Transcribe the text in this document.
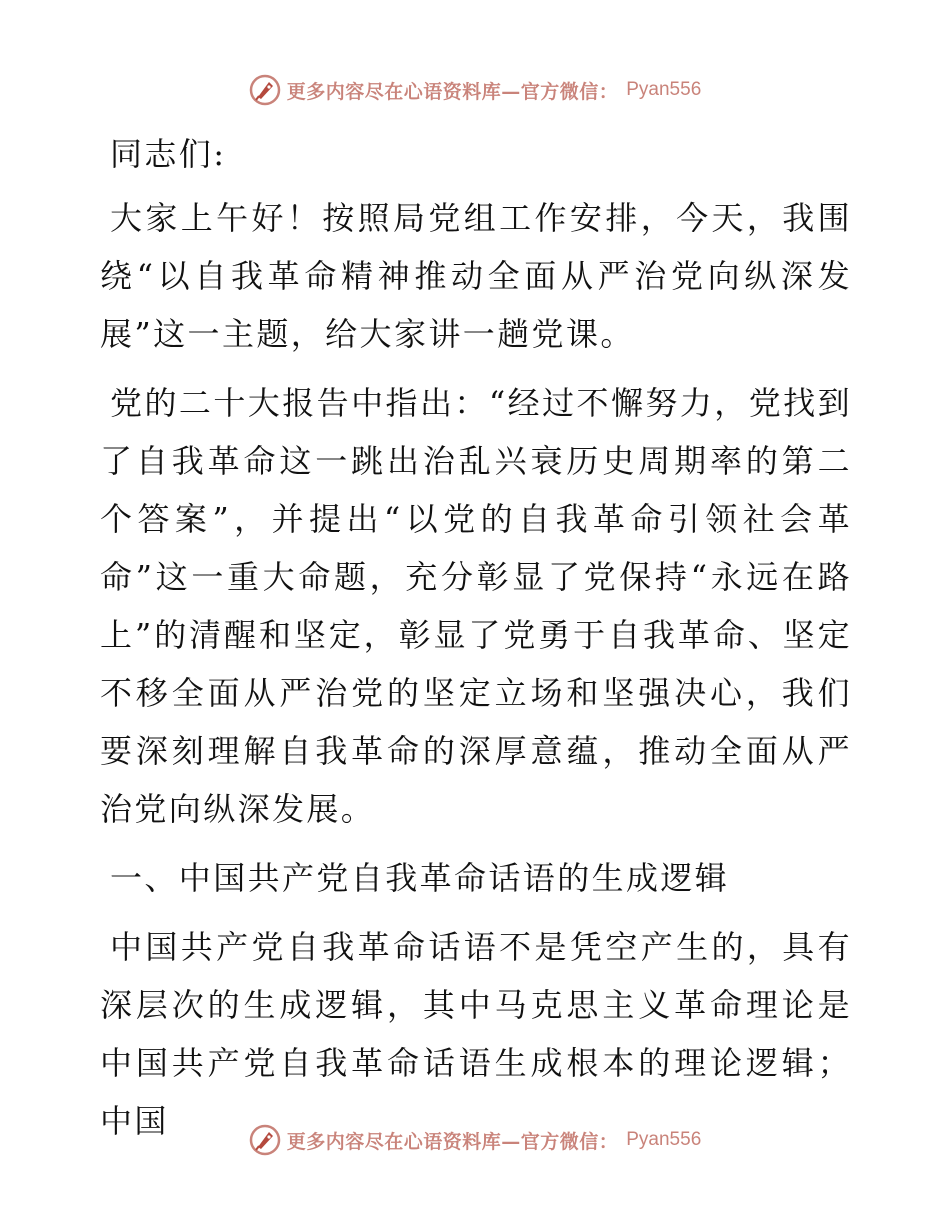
更多内容尽在心语资料库—官方微信： Pyan556

同志们:

大家上午好！按照局党组工作安排，今天，我围绕“以自我革命精神推动全面从严治党向纵深发展”这一主题，给大家讲一趟党课。

党的二十大报告中指出：“经过不懈努力，党找到了自我革命这一跳出治乱兴衰历史周期率的第二个答案”，并提出“以党的自我革命引领社会革命”这一重大命题，充分彰显了党保持“永远在路上”的清醒和坚定，彰显了党勇于自我革命、坚定不移全面从严治党的坚定立场和坚强决心，我们要深刻理解自我革命的深厚意蕴，推动全面从严治党向纵深发展。

一、中国共产党自我革命话语的生成逻辑

中国共产党自我革命话语不是凭空产生的，具有深层次的生成逻辑，其中马克思主义革命理论是中国共产党自我革命话语生成根本的理论逻辑；中国

更多内容尽在心语资料库—官方微信： Pyan556
